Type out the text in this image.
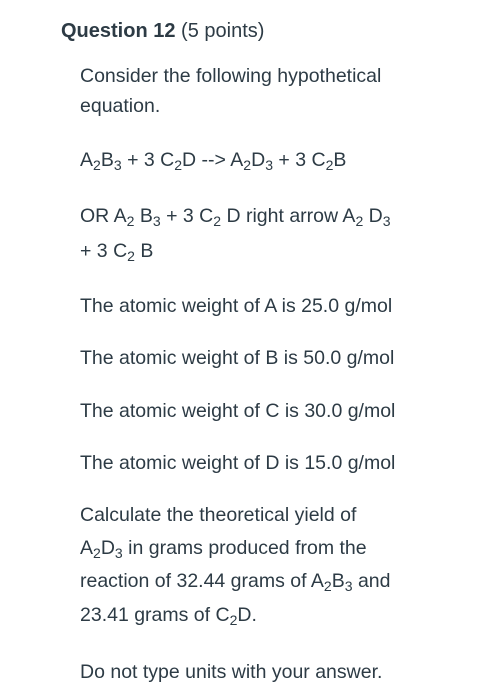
Question 12 (5 points)
Consider the following hypothetical
equation.
$A_2B_3 + 3$ $C_2D$ --> $A_2D_3 + 3$ $C_2B$
OR $A_2$ $B_3 + 3$ $C_2$ D right arrow $A_2$ $D_3$
+ 3 $C_2$ B
The atomic weight of A is 25.0 g/mol
The atomic weight of B is 50.0 g/mol
The atomic weight of C is 30.0 g/mol
The atomic weight of D is 15.0 g/mol
Calculate the theoretical yield of
$A_2D_3$ in grams produced from the
reaction of 32.44 grams of $A_2B_3$ and
23.41 grams of $C_2D$.
Do not type units with your answer.
